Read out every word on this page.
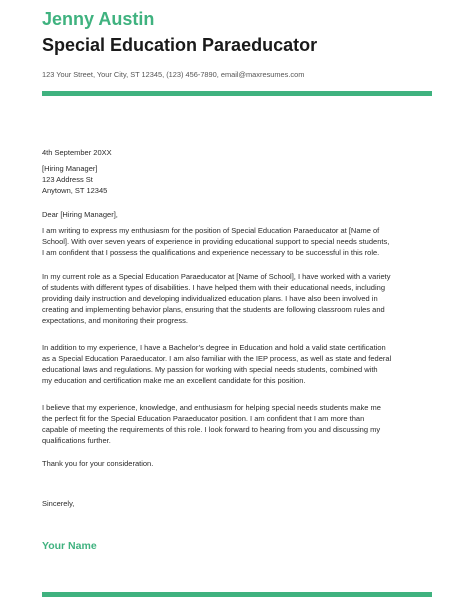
Jenny Austin
Special Education Paraeducator
123 Your Street, Your City, ST 12345, (123) 456-7890, email@maxresumes.com
4th September 20XX
[Hiring Manager]
123 Address St
Anytown, ST 12345
Dear [Hiring Manager],
I am writing to express my enthusiasm for the position of Special Education Paraeducator at [Name of
School]. With over seven years of experience in providing educational support to special needs students,
I am confident that I possess the qualifications and experience necessary to be successful in this role.
In my current role as a Special Education Paraeducator at [Name of School], I have worked with a variety
of students with different types of disabilities. I have helped them with their educational needs, including
providing daily instruction and developing individualized education plans. I have also been involved in
creating and implementing behavior plans, ensuring that the students are following classroom rules and
expectations, and monitoring their progress.
In addition to my experience, I have a Bachelor’s degree in Education and hold a valid state certification
as a Special Education Paraeducator. I am also familiar with the IEP process, as well as state and federal
educational laws and regulations. My passion for working with special needs students, combined with
my education and certification make me an excellent candidate for this position.
I believe that my experience, knowledge, and enthusiasm for helping special needs students make me
the perfect fit for the Special Education Paraeducator position. I am confident that I am more than
capable of meeting the requirements of this role. I look forward to hearing from you and discussing my
qualifications further.
Thank you for your consideration.
Sincerely,
Your Name
